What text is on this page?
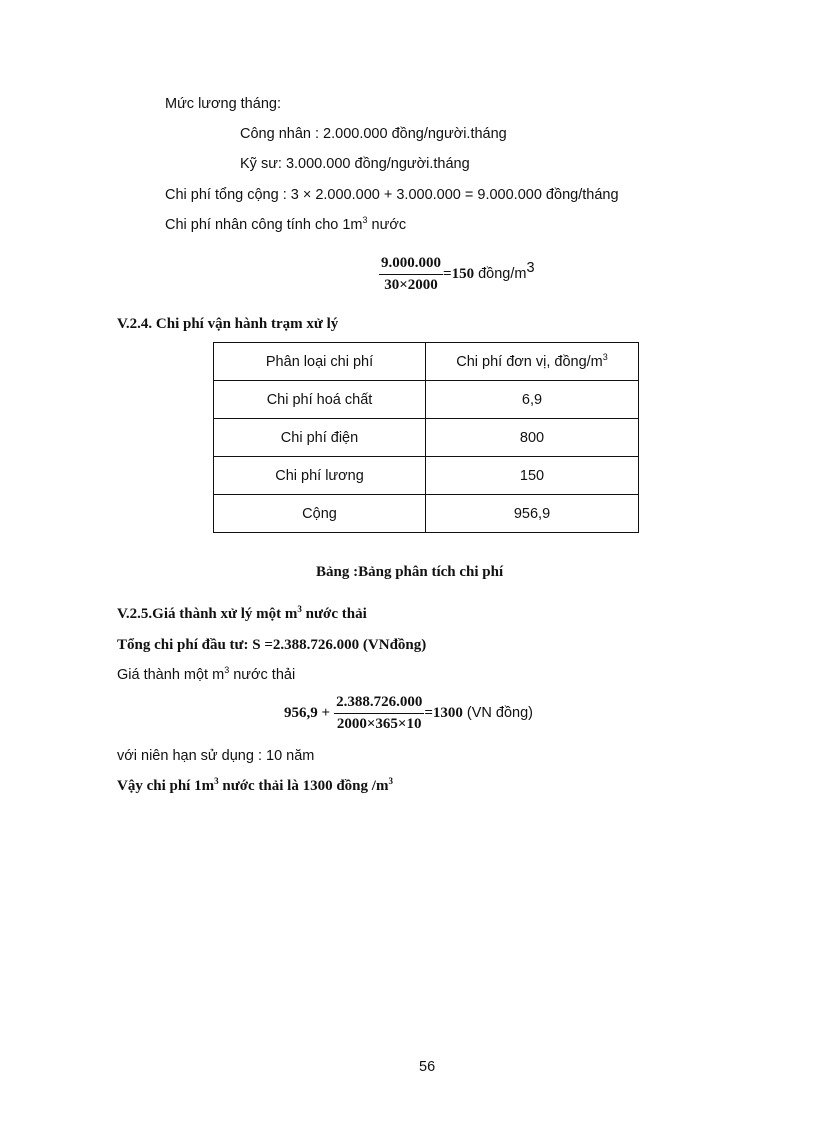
Mức lương tháng:
Công nhân : 2.000.000 đồng/người.tháng
Kỹ sư: 3.000.000 đồng/người.tháng
Chi phí tổng cộng : 3 × 2.000.000 + 3.000.000 = 9.000.000 đồng/tháng
Chi phí nhân công tính cho $1m^3$ nước
$\frac{9.000.000}{30\times 2000} =150$ đồng/$m^3$
V.2.4. Chi phí vận hành trạm xử lý
Phân loại chi phí	Chi phí đơn vị, đồng/$m^3$
Chi phí hoá chất	6,9
Chi phí điện	800
Chi phí lương	150
Cộng	956,9
Bảng :Bảng phân tích chi phí
V.2.5.Giá thành xử lý một $m^3$ nước thải
Tổng chi phí đầu tư: S =2.388.726.000 (VNđồng)
Giá thành một $m^3$ nước thải
$956,9 + \frac{2.388.726.000}{2000\times 365\times 10} =1300$ (VN đồng)
với niên hạn sử dụng : 10 năm
Vậy chi phí $1m^3$ nước thải là 1300 đồng $/m^3$
56
